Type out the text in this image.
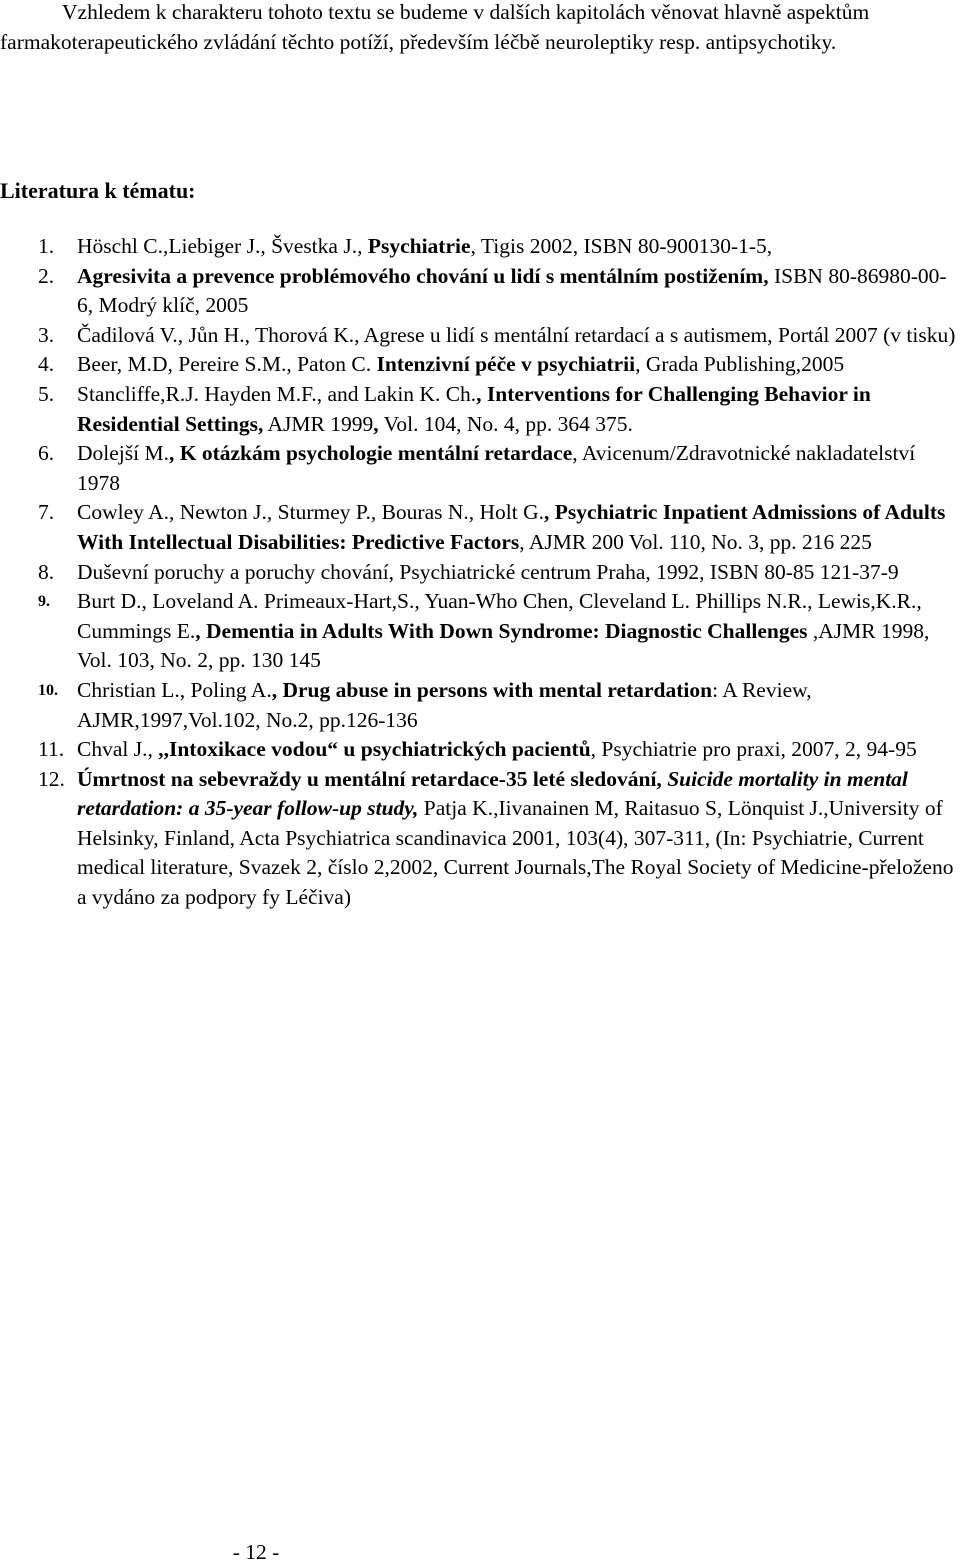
Vzhledem k charakteru tohoto textu se budeme v dalších kapitolách věnovat hlavně aspektům farmakoterapeutického zvládání těchto potíží, především léčbě neuroleptiky resp. antipsychotiky.

Literatura k tématu:

1. Höschl C.,Liebiger J., Švestka J., Psychiatrie, Tigis 2002, ISBN 80-900130-1-5,
2. Agresivita a prevence problémového chování u lidí s mentálním postižením, ISBN 80-86980-00-6, Modrý klíč, 2005
3. Čadilová V., Jůn H., Thorová K., Agrese u lidí s mentální retardací a s autismem, Portál 2007 (v tisku)
4. Beer, M.D, Pereire S.M., Paton C. Intenzivní péče v psychiatrii, Grada Publishing,2005
5. Stancliffe,R.J. Hayden M.F., and Lakin K. Ch., Interventions for Challenging Behavior in Residential Settings, AJMR 1999, Vol. 104, No. 4, pp. 364 375.
6. Dolejší M., K otázkám psychologie mentální retardace, Avicenum/Zdravotnické nakladatelství 1978
7. Cowley A., Newton J., Sturmey P., Bouras N., Holt G., Psychiatric Inpatient Admissions of Adults With Intellectual Disabilities: Predictive Factors, AJMR 200 Vol. 110, No. 3, pp. 216 225
8. Duševní poruchy a poruchy chování, Psychiatrické centrum Praha, 1992, ISBN 80-85 121-37-9
9. Burt D., Loveland A. Primeaux-Hart,S., Yuan-Who Chen, Cleveland L. Phillips N.R., Lewis,K.R., Cummings E., Dementia in Adults With Down Syndrome: Diagnostic Challenges ,AJMR 1998, Vol. 103, No. 2, pp. 130 145
10. Christian L., Poling A., Drug abuse in persons with mental retardation: A Review, AJMR,1997,Vol.102, No.2, pp.126-136
11. Chval J., ,,Intoxikace vodou“ u psychiatrických pacientů, Psychiatrie pro praxi, 2007, 2, 94-95
12. Úmrtnost na sebevraždy u mentální retardace-35 leté sledování, Suicide mortality in mental retardation: a 35-year follow-up study, Patja K.,Iivanainen M, Raitasuo S, Lönquist J.,University of Helsinky, Finland, Acta Psychiatrica scandinavica 2001, 103(4), 307-311, (In: Psychiatrie, Current medical literature, Svazek 2, číslo 2,2002, Current Journals,The Royal Society of Medicine-přeloženo a vydáno za podpory fy Léčiva)
- 12 -
